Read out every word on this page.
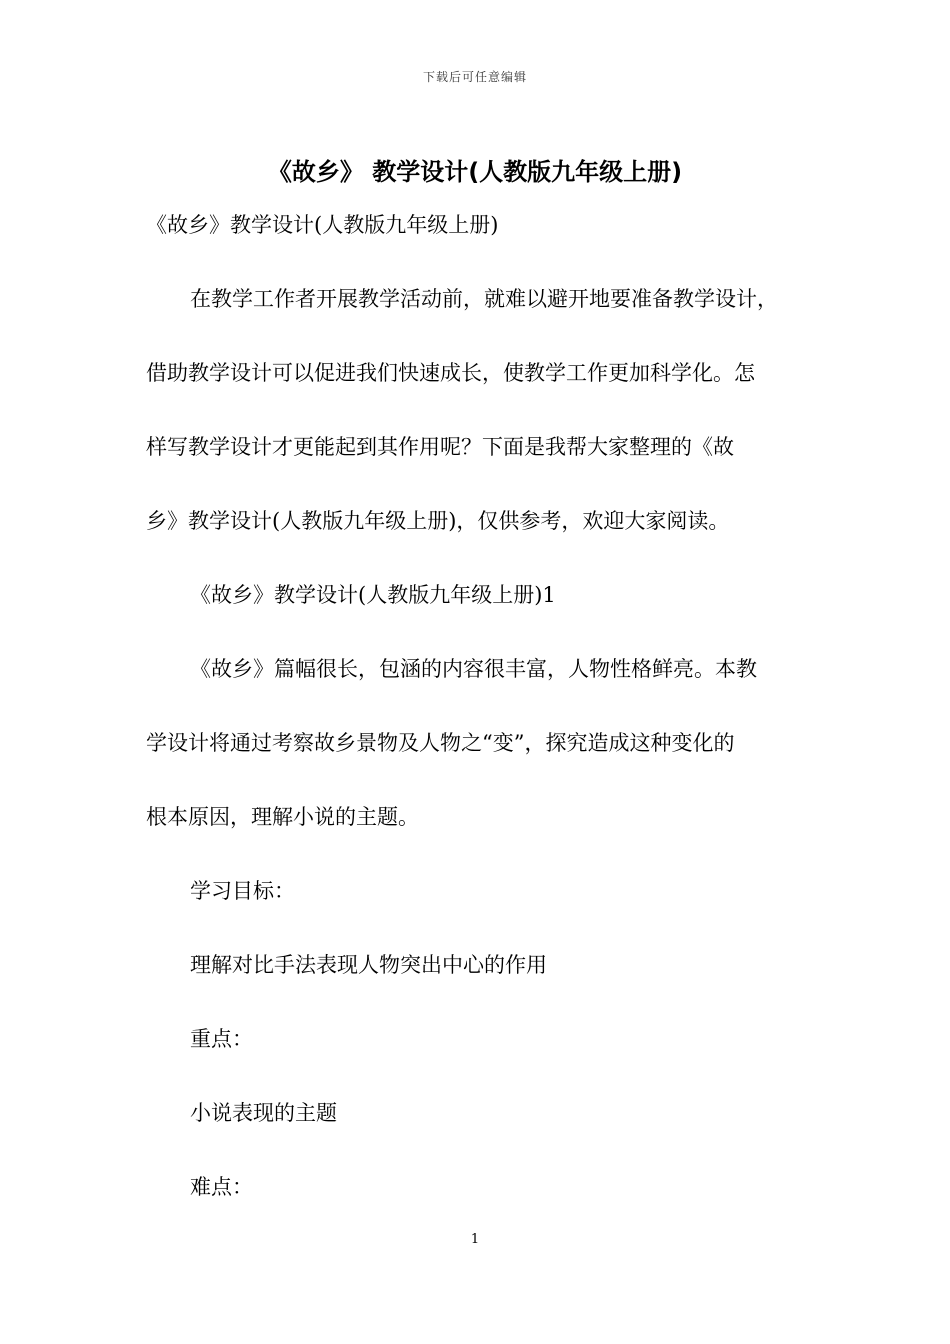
下载后可任意编辑
《故乡》 教学设计(人教版九年级上册)
《故乡》教学设计(人教版九年级上册)
在教学工作者开展教学活动前，就难以避开地要准备教学设计，
借助教学设计可以促进我们快速成长，使教学工作更加科学化。怎
样写教学设计才更能起到其作用呢？下面是我帮大家整理的《故
乡》教学设计(人教版九年级上册)，仅供参考，欢迎大家阅读。
《故乡》教学设计(人教版九年级上册)1
《故乡》篇幅很长，包涵的内容很丰富，人物性格鲜亮。本教
学设计将通过考察故乡景物及人物之“变”，探究造成这种变化的
根本原因，理解小说的主题。
学习目标：
理解对比手法表现人物突出中心的作用
重点：
小说表现的主题
难点：
1
